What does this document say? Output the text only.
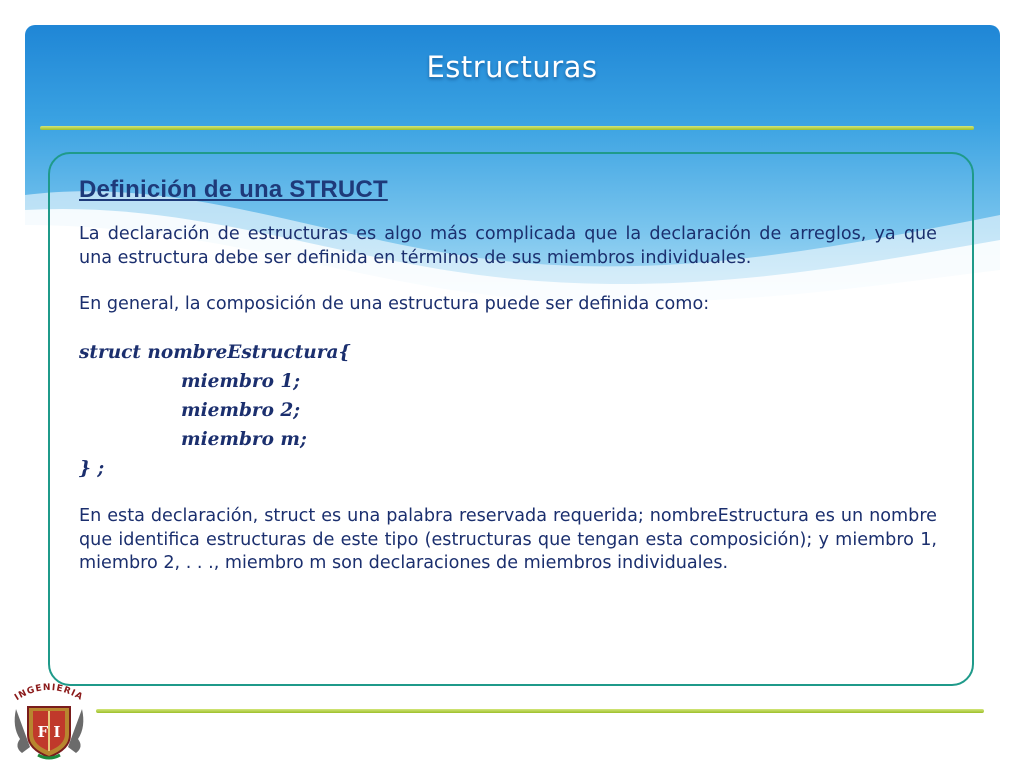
Estructuras
Definición de una STRUCT

La declaración de estructuras es algo más complicada que la declaración de arreglos, ya que una estructura debe ser definida en términos de sus miembros individuales.

En general, la composición de una estructura puede ser definida como:

struct nombreEstructura{
miembro 1;
miembro 2;
miembro m;
} ;

En esta declaración, struct es una palabra reservada requerida; nombreEstructura es un nombre que identifica estructuras de este tipo (estructuras que tengan esta composición); y miembro 1, miembro 2, . . ., miembro m son declaraciones de miembros individuales.

INGENIERIA
F I
